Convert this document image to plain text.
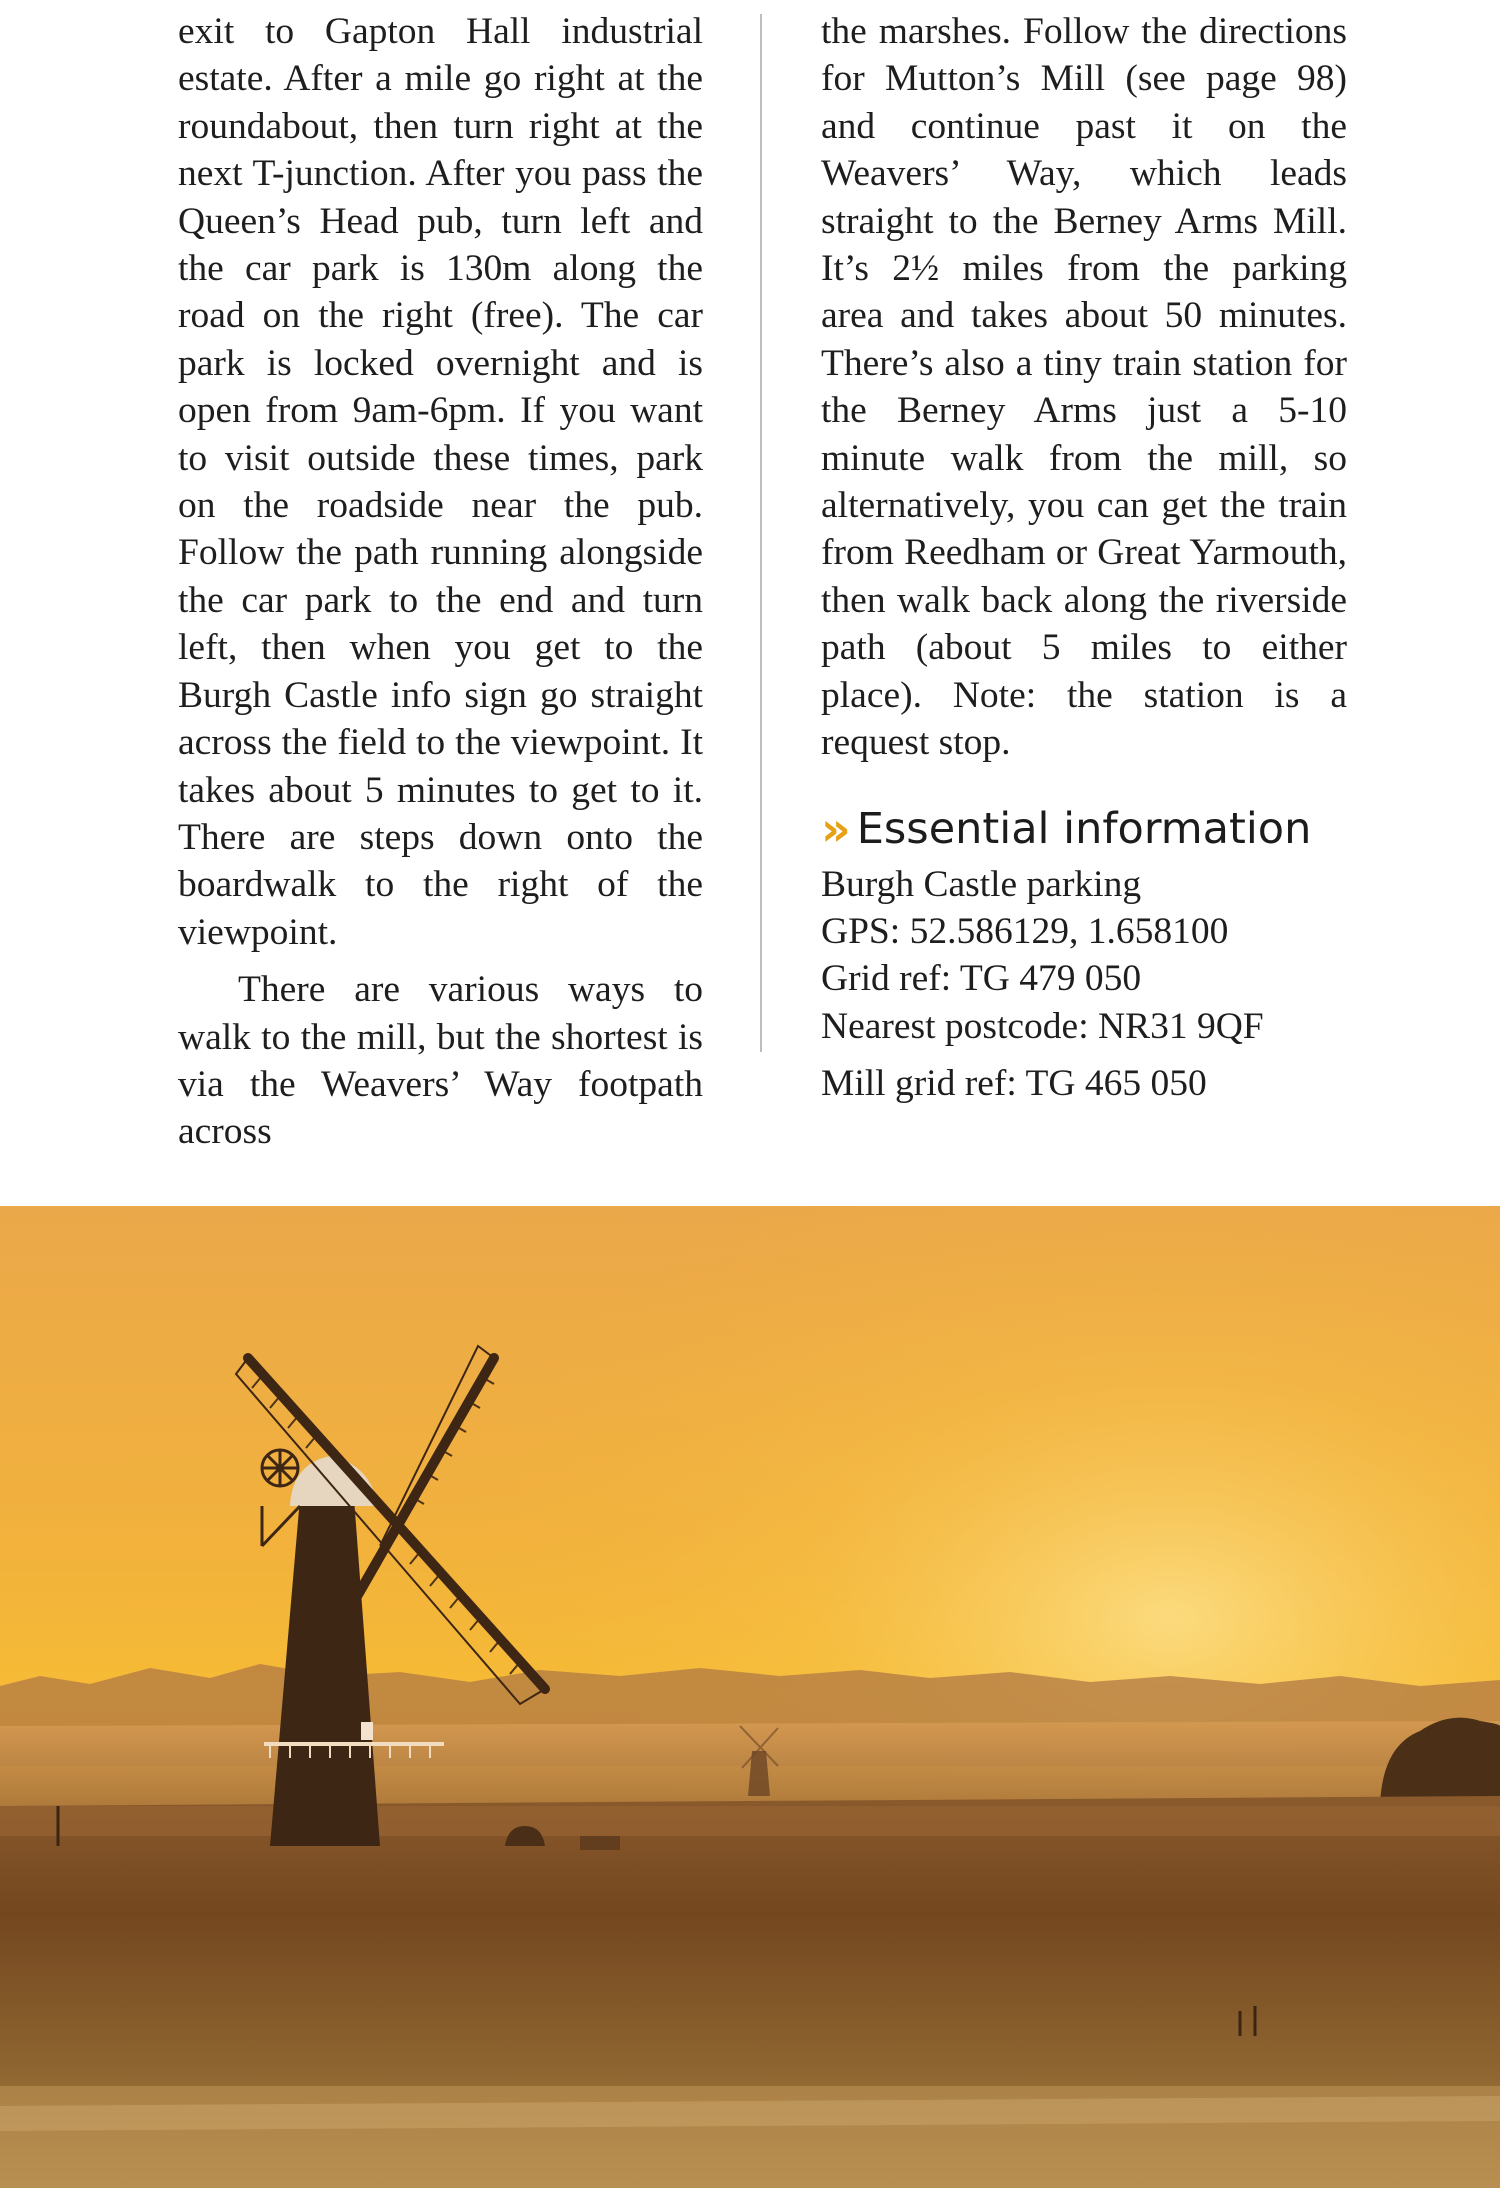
exit to Gapton Hall industrial estate. After a mile go right at the roundabout, then turn right at the next T-junction. After you pass the Queen’s Head pub, turn left and the car park is 130m along the road on the right (free). The car park is locked overnight and is open from 9am-6pm. If you want to visit outside these times, park on the roadside near the pub. Follow the path running alongside the car park to the end and turn left, then when you get to the Burgh Castle info sign go straight across the field to the viewpoint. It takes about 5 minutes to get to it. There are steps down onto the boardwalk to the right of the viewpoint.

There are various ways to walk to the mill, but the shortest is via the Weavers’ Way footpath across

the marshes. Follow the directions for Mutton’s Mill (see page 98) and continue past it on the Weavers’ Way, which leads straight to the Berney Arms Mill. It’s 2½ miles from the parking area and takes about 50 minutes. There’s also a tiny train station for the Berney Arms just a 5-10 minute walk from the mill, so alternatively, you can get the train from Reedham or Great Yarmouth, then walk back along the riverside path (about 5 miles to either place). Note: the station is a request stop.

» Essential information
Burgh Castle parking
GPS: 52.586129, 1.658100
Grid ref: TG 479 050
Nearest postcode: NR31 9QF
Mill grid ref: TG 465 050
